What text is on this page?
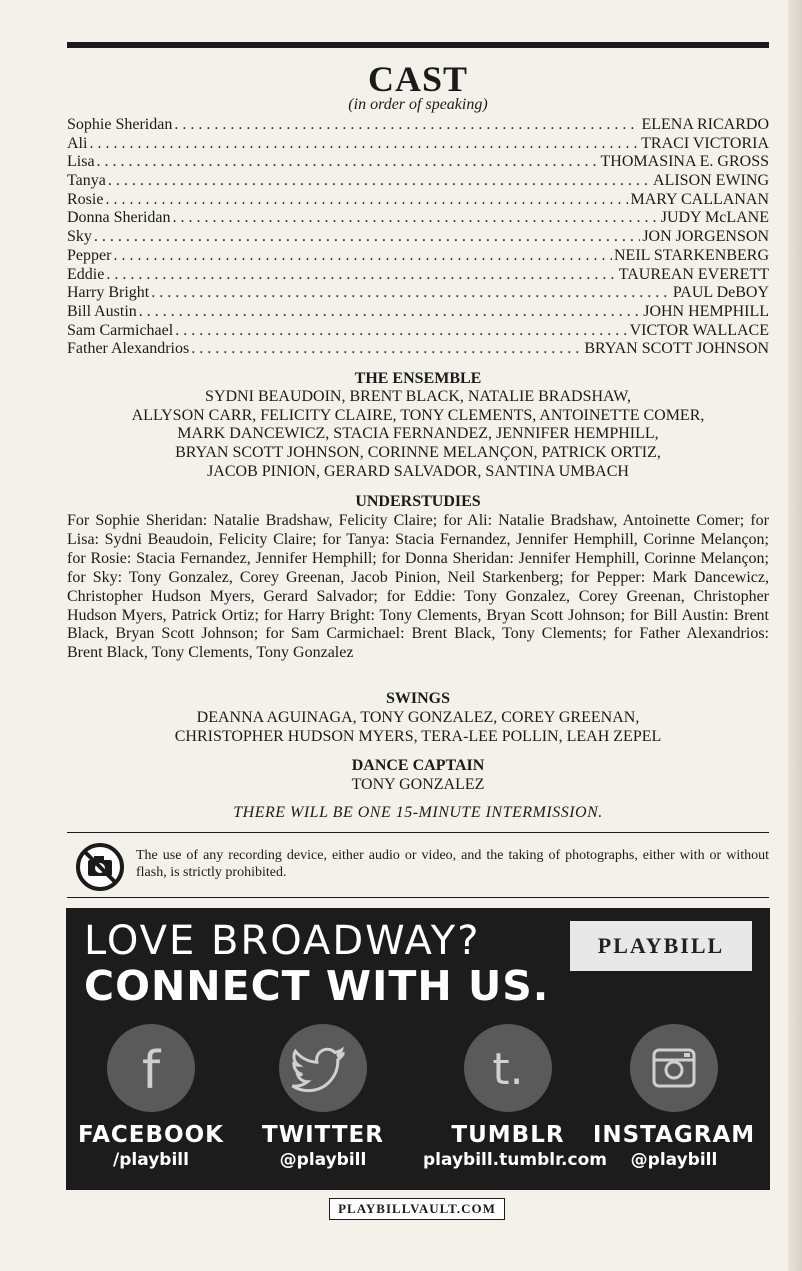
CAST
(in order of speaking)
Sophie Sheridan . . .	ELENA RICARDO
Ali . . .	TRACI VICTORIA
Lisa . . .	THOMASINA E. GROSS
Tanya . . .	ALISON EWING
Rosie . . .	MARY CALLANAN
Donna Sheridan . . .	JUDY McLANE
Sky . . .	JON JORGENSON
Pepper . . .	NEIL STARKENBERG
Eddie . . .	TAUREAN EVERETT
Harry Bright . . .	PAUL DeBOY
Bill Austin . . .	JOHN HEMPHILL
Sam Carmichael . . .	VICTOR WALLACE
Father Alexandrios . . .	BRYAN SCOTT JOHNSON
THE ENSEMBLE
SYDNI BEAUDOIN, BRENT BLACK, NATALIE BRADSHAW,
ALLYSON CARR, FELICITY CLAIRE, TONY CLEMENTS, ANTOINETTE COMER,
MARK DANCEWICZ, STACIA FERNANDEZ, JENNIFER HEMPHILL,
BRYAN SCOTT JOHNSON, CORINNE MELANÇON, PATRICK ORTIZ,
JACOB PINION, GERARD SALVADOR, SANTINA UMBACH
UNDERSTUDIES
For Sophie Sheridan: Natalie Bradshaw, Felicity Claire; for Ali: Natalie Bradshaw, Antoinette Comer; for Lisa: Sydni Beaudoin, Felicity Claire; for Tanya: Stacia Fernandez, Jennifer Hemphill, Corinne Melançon; for Rosie: Stacia Fernandez, Jennifer Hemphill; for Donna Sheridan: Jennifer Hemphill, Corinne Melançon; for Sky: Tony Gonzalez, Corey Greenan, Jacob Pinion, Neil Starkenberg; for Pepper: Mark Dancewicz, Christopher Hudson Myers, Gerard Salvador; for Eddie: Tony Gonzalez, Corey Greenan, Christopher Hudson Myers, Patrick Ortiz; for Harry Bright: Tony Clements, Bryan Scott Johnson; for Bill Austin: Brent Black, Bryan Scott Johnson; for Sam Carmichael: Brent Black, Tony Clements; for Father Alexandrios: Brent Black, Tony Clements, Tony Gonzalez
SWINGS
DEANNA AGUINAGA, TONY GONZALEZ, COREY GREENAN,
CHRISTOPHER HUDSON MYERS, TERA-LEE POLLIN, LEAH ZEPEL
DANCE CAPTAIN
TONY GONZALEZ
THERE WILL BE ONE 15-MINUTE INTERMISSION.
The use of any recording device, either audio or video, and the taking of photographs, either with or without flash, is strictly prohibited.
LOVE BROADWAY?
CONNECT WITH US.
PLAYBILL
f
FACEBOOK
/playbill
TWITTER
@playbill
t.
TUMBLR
playbill.tumblr.com
INSTAGRAM
@playbill
PLAYBILLVAULT.COM
